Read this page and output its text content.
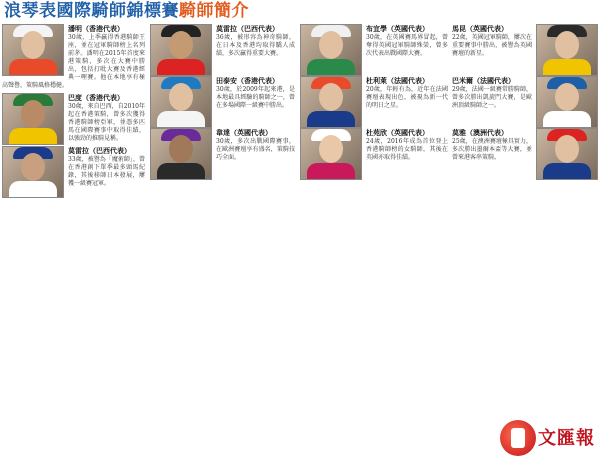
浪琴表國際騎師錦標賽騎師簡介
潘明（香港代表）
30歲，上季贏得香港騎師王座，並在冠軍騎師榜上名列前茅。潘明在2015年首度來港策騎，多次在大賽中勝出，包括打吡大賽及香港經典一哩賽。他在本地享有極高聲譽，策騎風格穩健。
巴度（香港代表）
30歲，來自巴西，自2010年起在香港策騎，曾多次獲得香港騎師榜亞軍，並憑多匹馬在國際賽事中取得佳績，以強勁的推騎見稱。
莫雷拉（巴西代表）
33歲，被譽為「魔術師」，曾在香港創下單季最多頭馬紀錄，其後移師日本發展，屢獲一級賽冠軍。
莫雷拉（巴西代表）
36歲，被形容為神奇騎師，在日本及香港均取得驕人成績，多次贏得重要大賽。
田泰安（香港代表）
30歲，於2009年起來港，是本地最具經驗的騎師之一，曾在多場國際一級賽中勝出。
韋達（英國代表）
30歲，多次出戰國際賽事，在歐洲賽壇享有盛名，策騎技巧全面。
布宜學（英國代表）
30歲，在英國賽馬界冒起，曾奪得英國冠軍騎師殊榮，曾多次代表出戰國際大賽。
杜利萊（法國代表）
20歲，年輕有為，近年在法國賽壇表現出色，被視為新一代的明日之星。
杜苑欣（英國代表）
24歲，2016年成為首位登上香港騎師榜的女騎師，其後在英國亦取得佳績。
馬昆（英國代表）
22歲，英國冠軍騎師，屢次在重要賽事中勝出，被譽為英國賽壇的新星。
巴米爾（法國代表）
29歲，法國一級賽常勝騎師，曾多次勝出凱旋門大賽，是歐洲頂級騎師之一。
莫雅（澳洲代表）
25歲，在澳洲賽壇極具實力，多次勝出墨爾本盃等大賽，並曾來港客串策騎。
文匯報
